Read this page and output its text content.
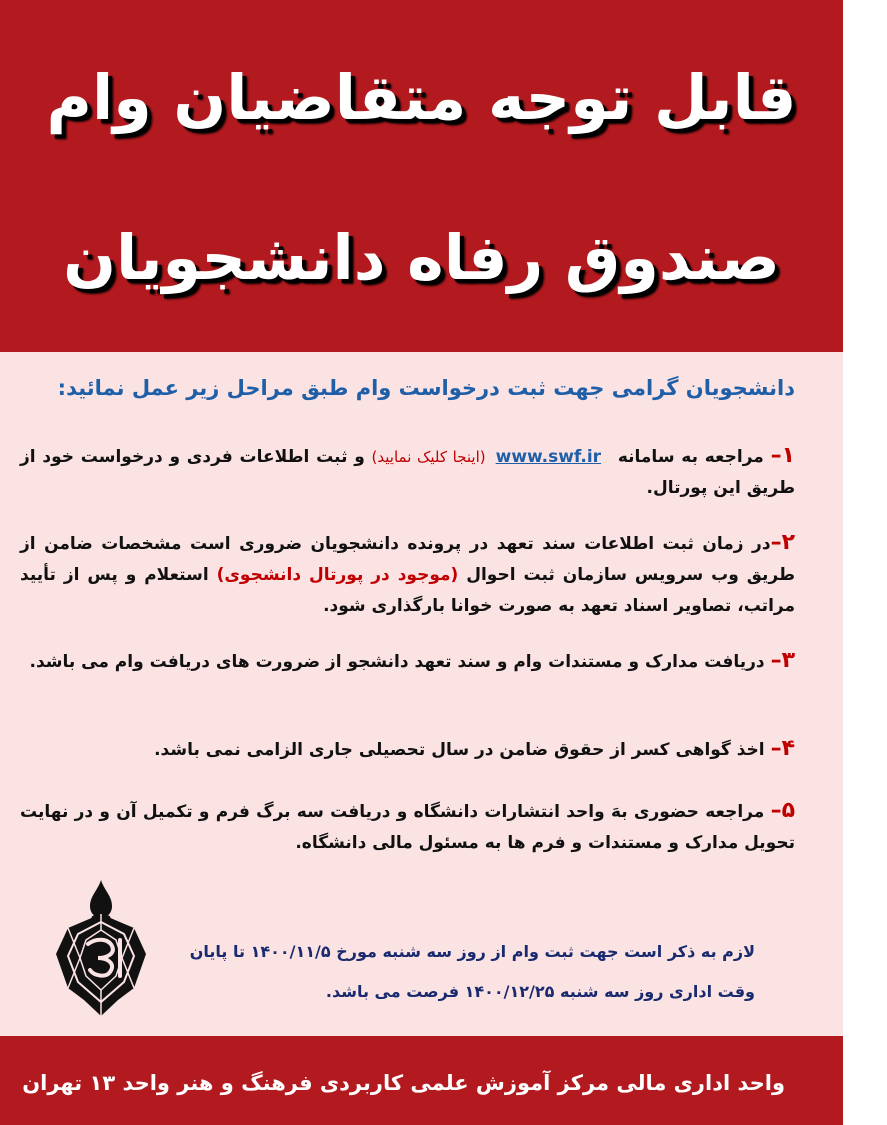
قابل توجه متقاضیان وام
صندوق رفاه دانشجویان
دانشجویان گرامی جهت ثبت درخواست وام طبق مراحل زیر عمل نمائید:
۱– مراجعه به سامانه www.swf.ir(اینجا کلیک نمایید) و ثبت اطلاعات فردی و درخواست خود از طریق این پورتال.
۲–در زمان ثبت اطلاعات سند تعهد در پرونده دانشجویان ضروری است مشخصات ضامن از طریق وب سرویس سازمان ثبت احوال (موجود در پورتال دانشجوی) استعلام و پس از تأیید مراتب، تصاویر اسناد تعهد به صورت خوانا بارگذاری شود.
۳– دریافت مدارک و مستندات وام و سند تعهد دانشجو از ضرورت های دریافت وام می باشد.
۴– اخذ گواهی کسر از حقوق ضامن در سال تحصیلی جاری الزامی نمی باشد.
۵– مراجعه حضوری بهَ واحد انتشارات دانشگاه و دریافت سه برگ فرم و تکمیل آن و در نهایت تحویل مدارک و مستندات و فرم ها به مسئول مالی دانشگاه.
لازم به ذکر است جهت ثبت وام از روز سه شنبه مورخ ۱۴۰۰/۱۱/۵ تا پایان
وقت اداری روز سه شنبه ۱۴۰۰/۱۲/۲۵ فرصت می باشد.
واحد اداری مالی مرکز آموزش علمی کاربردی فرهنگ و هنر واحد ۱۳ تهران
